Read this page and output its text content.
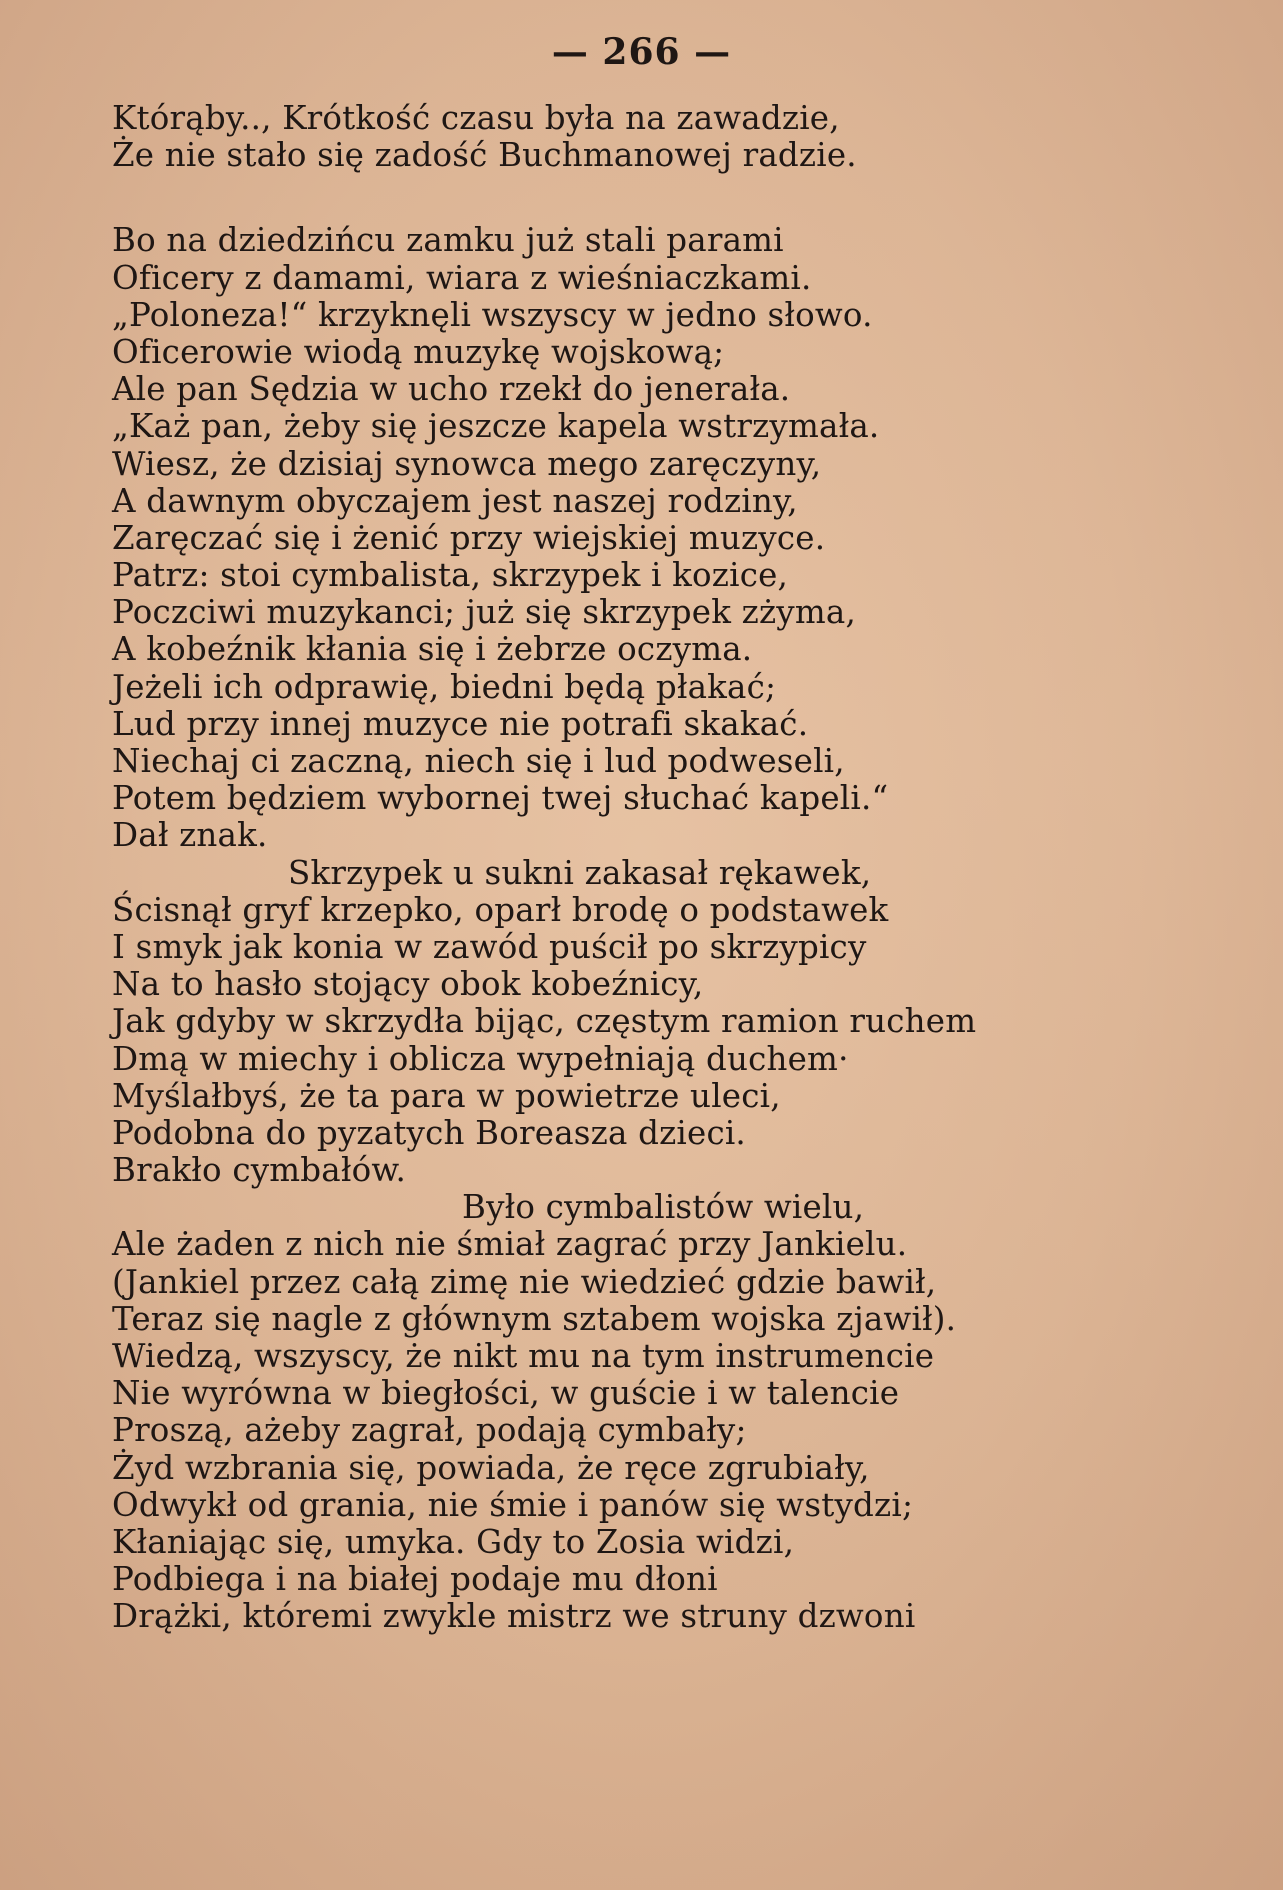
— 266 —
Którąby.., Krótkość czasu była na zawadzie,
Że nie stało się zadość Buchmanowej radzie.
Bo na dziedzińcu zamku już stali parami
Oficery z damami, wiara z wieśniaczkami.
„Poloneza!“ krzyknęli wszyscy w jedno słowo.
Oficerowie wiodą muzykę wojskową;
Ale pan Sędzia w ucho rzekł do jenerała.
„Każ pan, żeby się jeszcze kapela wstrzymała.
Wiesz, że dzisiaj synowca mego zaręczyny,
A dawnym obyczajem jest naszej rodziny,
Zaręczać się i żenić przy wiejskiej muzyce.
Patrz: stoi cymbalista, skrzypek i kozice,
Poczciwi muzykanci; już się skrzypek zżyma,
A kobeźnik kłania się i żebrze oczyma.
Jeżeli ich odprawię, biedni będą płakać;
Lud przy innej muzyce nie potrafi skakać.
Niechaj ci zaczną, niech się i lud podweseli,
Potem będziem wybornej twej słuchać kapeli.“
Dał znak.
Skrzypek u sukni zakasał rękawek,
Ścisnął gryf krzepko, oparł brodę o podstawek
I smyk jak konia w zawód puścił po skrzypicy
Na to hasło stojący obok kobeźnicy,
Jak gdyby w skrzydła bijąc, częstym ramion ruchem
Dmą w miechy i oblicza wypełniają duchem·
Myślałbyś, że ta para w powietrze uleci,
Podobna do pyzatych Boreasza dzieci.
Brakło cymbałów.
Było cymbalistów wielu,
Ale żaden z nich nie śmiał zagrać przy Jankielu.
(Jankiel przez całą zimę nie wiedzieć gdzie bawił,
Teraz się nagle z głównym sztabem wojska zjawił).
Wiedzą, wszyscy, że nikt mu na tym instrumencie
Nie wyrówna w biegłości, w guście i w talencie
Proszą, ażeby zagrał, podają cymbały;
Żyd wzbrania się, powiada, że ręce zgrubiały,
Odwykł od grania, nie śmie i panów się wstydzi;
Kłaniając się, umyka. Gdy to Zosia widzi,
Podbiega i na białej podaje mu dłoni
Drążki, któremi zwykle mistrz we struny dzwoni
